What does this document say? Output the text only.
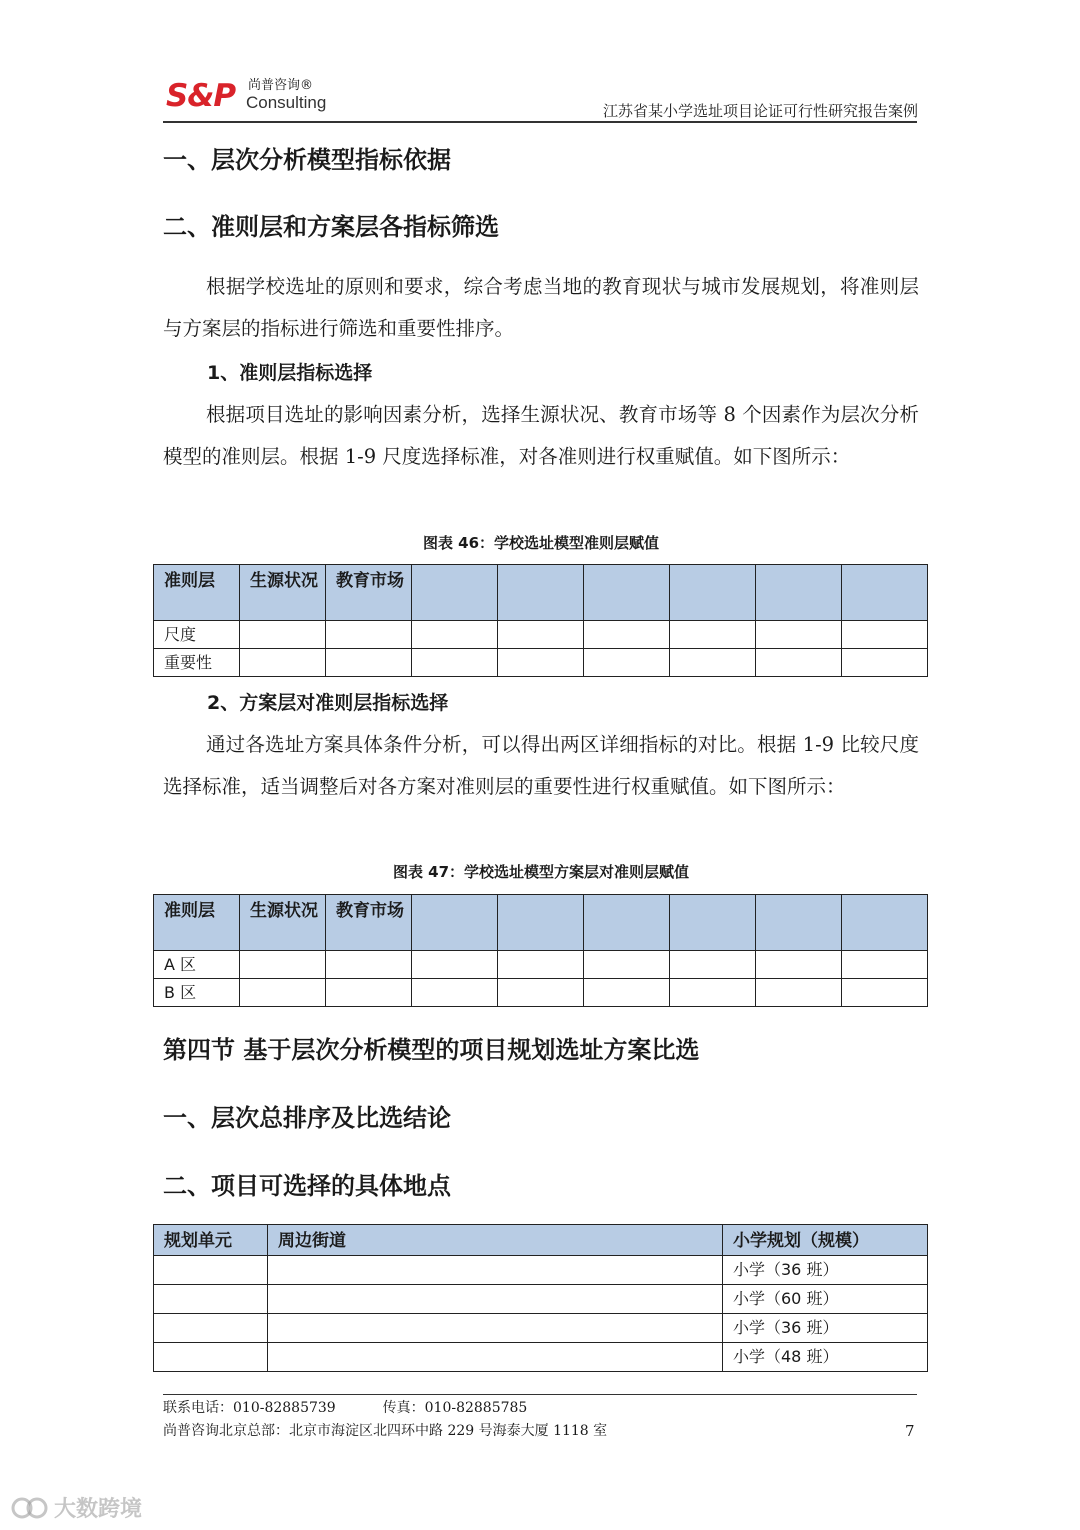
S&P 尚普咨询®
Consulting	江苏省某小学选址项目论证可行性研究报告案例
一、层次分析模型指标依据
二、准则层和方案层各指标筛选
根据学校选址的原则和要求，综合考虑当地的教育现状与城市发展规划，将准则层与方案层的指标进行筛选和重要性排序。
1、准则层指标选择
根据项目选址的影响因素分析，选择生源状况、教育市场等 8 个因素作为层次分析模型的准则层。根据 1-9 尺度选择标准，对各准则进行权重赋值。如下图所示：
图表 46：学校选址模型准则层赋值
准则层	生源状况	教育市场						
尺度								
重要性								
2、方案层对准则层指标选择
通过各选址方案具体条件分析，可以得出两区详细指标的对比。根据 1-9 比较尺度选择标准，适当调整后对各方案对准则层的重要性进行权重赋值。如下图所示：
图表 47：学校选址模型方案层对准则层赋值
准则层	生源状况	教育市场						
A 区								
B 区								
第四节 基于层次分析模型的项目规划选址方案比选
一、层次总排序及比选结论
二、项目可选择的具体地点
规划单元	周边街道	小学规划（规模）
		小学（36 班）
		小学（60 班）
		小学（36 班）
		小学（48 班）
联系电话：010-82885739	传真：010-82885785
尚普咨询北京总部：北京市海淀区北四环中路 229 号海泰大厦 1118 室	7
大数跨境
